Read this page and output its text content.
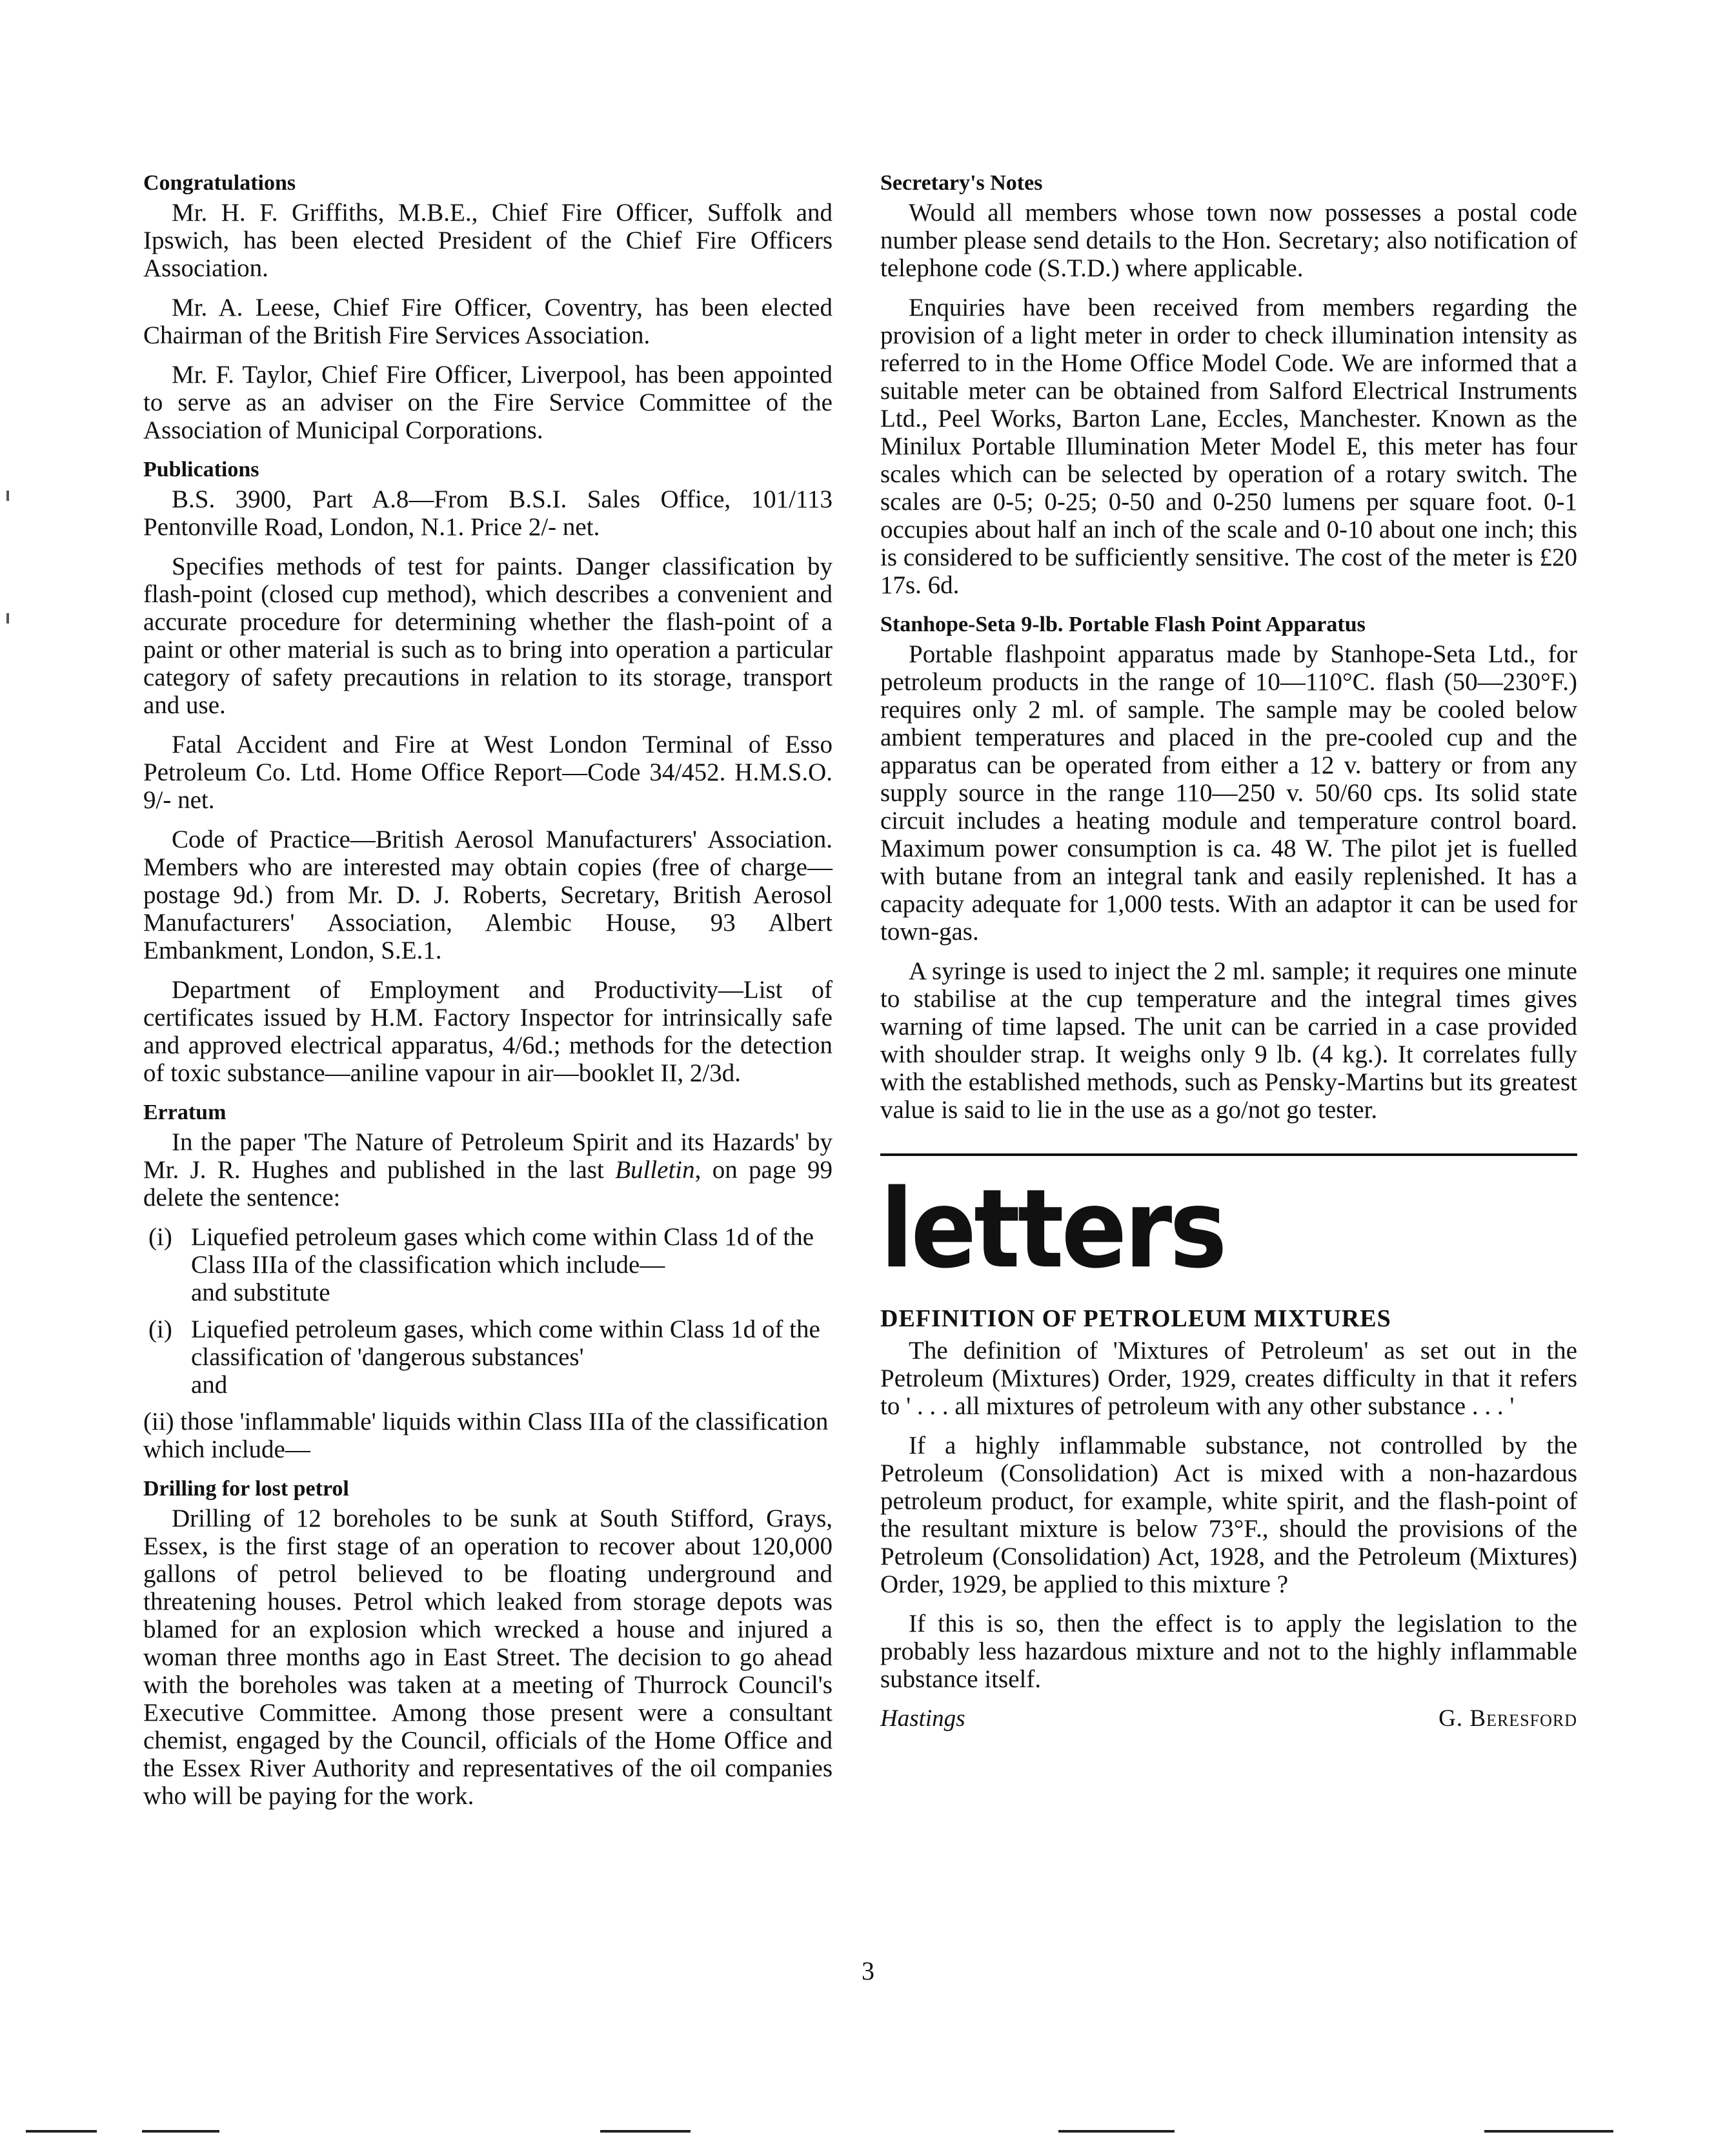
Congratulations

Mr. H. F. Griffiths, M.B.E., Chief Fire Officer, Suffolk and Ipswich, has been elected President of the Chief Fire Officers Association.

Mr. A. Leese, Chief Fire Officer, Coventry, has been elected Chairman of the British Fire Services Association.

Mr. F. Taylor, Chief Fire Officer, Liverpool, has been appointed to serve as an adviser on the Fire Service Committee of the Association of Municipal Corporations.

Publications

B.S. 3900, Part A.8—From B.S.I. Sales Office, 101/113 Pentonville Road, London, N.1. Price 2/- net.

Specifies methods of test for paints. Danger classification by flash-point (closed cup method), which describes a convenient and accurate procedure for determining whether the flash-point of a paint or other material is such as to bring into operation a particular category of safety precautions in relation to its storage, transport and use.

Fatal Accident and Fire at West London Terminal of Esso Petroleum Co. Ltd. Home Office Report—Code 34/452. H.M.S.O. 9/- net.

Code of Practice—British Aerosol Manufacturers' Association. Members who are interested may obtain copies (free of charge—postage 9d.) from Mr. D. J. Roberts, Secretary, British Aerosol Manufacturers' Association, Alembic House, 93 Albert Embankment, London, S.E.1.

Department of Employment and Productivity—List of certificates issued by H.M. Factory Inspector for intrinsically safe and approved electrical apparatus, 4/6d.; methods for the detection of toxic substance—aniline vapour in air—booklet II, 2/3d.

Erratum

In the paper 'The Nature of Petroleum Spirit and its Hazards' by Mr. J. R. Hughes and published in the last Bulletin, on page 99 delete the sentence:

(i) Liquefied petroleum gases which come within Class 1d of the Class IIIa of the classification which include—
and substitute
(i) Liquefied petroleum gases, which come within Class 1d of the classification of 'dangerous substances'
and
(ii) those 'inflammable' liquids within Class IIIa of the classification which include—
Drilling for lost petrol

Drilling of 12 boreholes to be sunk at South Stifford, Grays, Essex, is the first stage of an operation to recover about 120,000 gallons of petrol believed to be floating underground and threatening houses. Petrol which leaked from storage depots was blamed for an explosion which wrecked a house and injured a woman three months ago in East Street. The decision to go ahead with the boreholes was taken at a meeting of Thurrock Council's Executive Committee. Among those present were a consultant chemist, engaged by the Council, officials of the Home Office and the Essex River Authority and representatives of the oil companies who will be paying for the work.

Secretary's Notes

Would all members whose town now possesses a postal code number please send details to the Hon. Secretary; also notification of telephone code (S.T.D.) where applicable.

Enquiries have been received from members regarding the provision of a light meter in order to check illumination intensity as referred to in the Home Office Model Code. We are informed that a suitable meter can be obtained from Salford Electrical Instruments Ltd., Peel Works, Barton Lane, Eccles, Manchester. Known as the Minilux Portable Illumination Meter Model E, this meter has four scales which can be selected by operation of a rotary switch. The scales are 0-5; 0-25; 0-50 and 0-250 lumens per square foot. 0-1 occupies about half an inch of the scale and 0-10 about one inch; this is considered to be sufficiently sensitive. The cost of the meter is £20 17s. 6d.

Stanhope-Seta 9-lb. Portable Flash Point Apparatus

Portable flashpoint apparatus made by Stanhope-Seta Ltd., for petroleum products in the range of 10—110°C. flash (50—230°F.) requires only 2 ml. of sample. The sample may be cooled below ambient temperatures and placed in the pre-cooled cup and the apparatus can be operated from either a 12 v. battery or from any supply source in the range 110—250 v. 50/60 cps. Its solid state circuit includes a heating module and temperature control board. Maximum power consumption is ca. 48 W. The pilot jet is fuelled with butane from an integral tank and easily replenished. It has a capacity adequate for 1,000 tests. With an adaptor it can be used for town-gas.

A syringe is used to inject the 2 ml. sample; it requires one minute to stabilise at the cup temperature and the integral times gives warning of time lapsed. The unit can be carried in a case provided with shoulder strap. It weighs only 9 lb. (4 kg.). It correlates fully with the established methods, such as Pensky-Martins but its greatest value is said to lie in the use as a go/not go tester.

letters
DEFINITION OF PETROLEUM MIXTURES

The definition of 'Mixtures of Petroleum' as set out in the Petroleum (Mixtures) Order, 1929, creates difficulty in that it refers to ' . . . all mixtures of petroleum with any other substance . . . '

If a highly inflammable substance, not controlled by the Petroleum (Consolidation) Act is mixed with a non-hazardous petroleum product, for example, white spirit, and the flash-point of the resultant mixture is below 73°F., should the provisions of the Petroleum (Consolidation) Act, 1928, and the Petroleum (Mixtures) Order, 1929, be applied to this mixture ?

If this is so, then the effect is to apply the legislation to the probably less hazardous mixture and not to the highly inflammable substance itself.

Hastings	G. Beresford
3
